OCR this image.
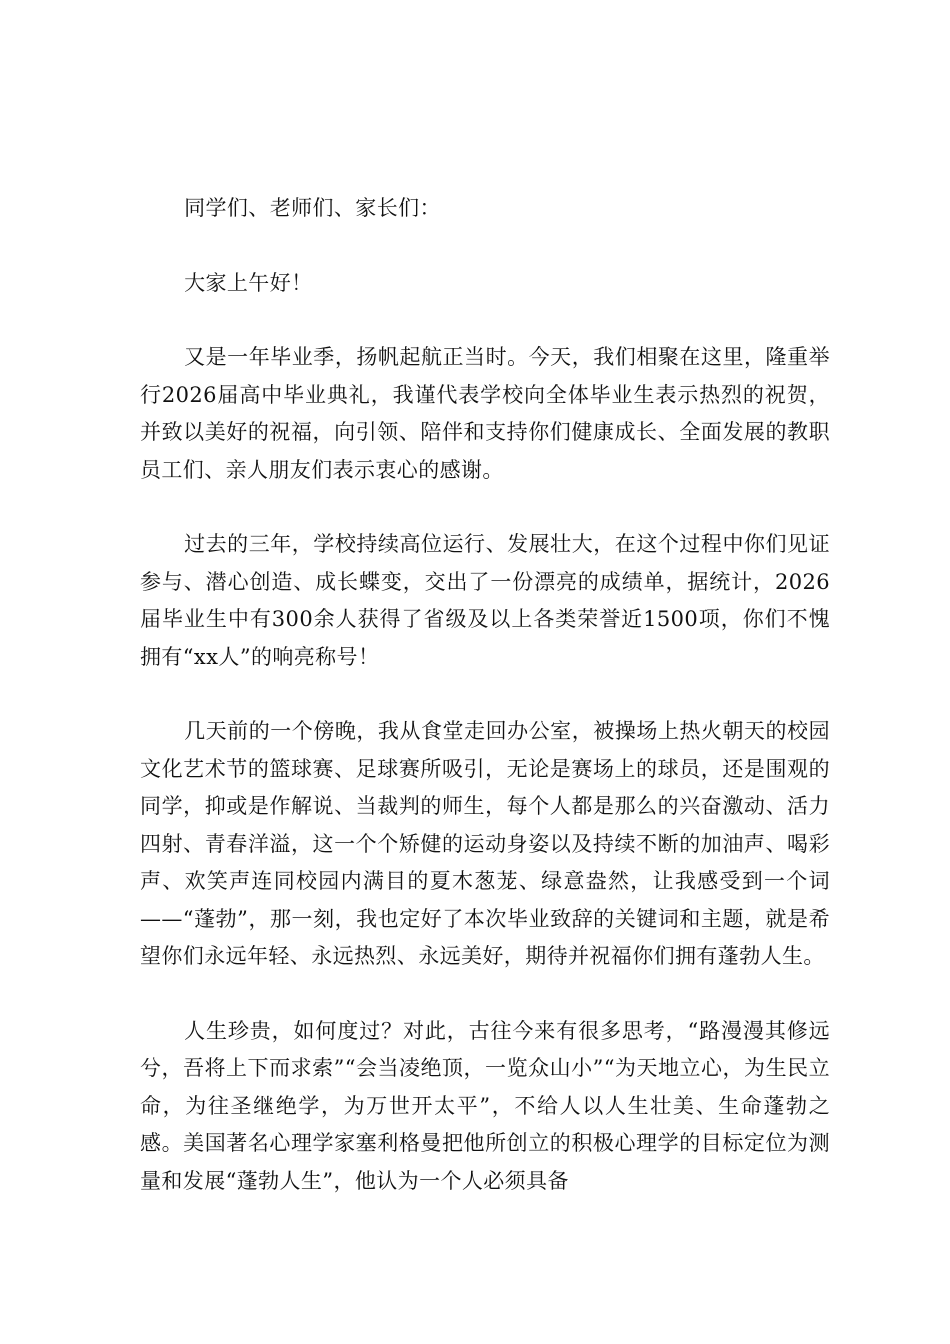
同学们、老师们、家长们：

大家上午好！

又是一年毕业季，扬帆起航正当时。今天，我们相聚在这里，隆重举行2026届高中毕业典礼，我谨代表学校向全体毕业生表示热烈的祝贺，并致以美好的祝福，向引领、陪伴和支持你们健康成长、全面发展的教职员工们、亲人朋友们表示衷心的感谢。

过去的三年，学校持续高位运行、发展壮大，在这个过程中你们见证参与、潜心创造、成长蝶变，交出了一份漂亮的成绩单，据统计，2026届毕业生中有300余人获得了省级及以上各类荣誉近1500项，你们不愧拥有“xx人”的响亮称号！

几天前的一个傍晚，我从食堂走回办公室，被操场上热火朝天的校园文化艺术节的篮球赛、足球赛所吸引，无论是赛场上的球员，还是围观的同学，抑或是作解说、当裁判的师生，每个人都是那么的兴奋激动、活力四射、青春洋溢，这一个个矫健的运动身姿以及持续不断的加油声、喝彩声、欢笑声连同校园内满目的夏木葱茏、绿意盎然，让我感受到一个词——“蓬勃”，那一刻，我也定好了本次毕业致辞的关键词和主题，就是希望你们永远年轻、永远热烈、永远美好，期待并祝福你们拥有蓬勃人生。

人生珍贵，如何度过？对此，古往今来有很多思考，“路漫漫其修远兮，吾将上下而求索”“会当凌绝顶，一览众山小”“为天地立心，为生民立命，为往圣继绝学，为万世开太平”，不给人以人生壮美、生命蓬勃之感。美国著名心理学家塞利格曼把他所创立的积极心理学的目标定位为测量和发展“蓬勃人生”，他认为一个人必须具备
